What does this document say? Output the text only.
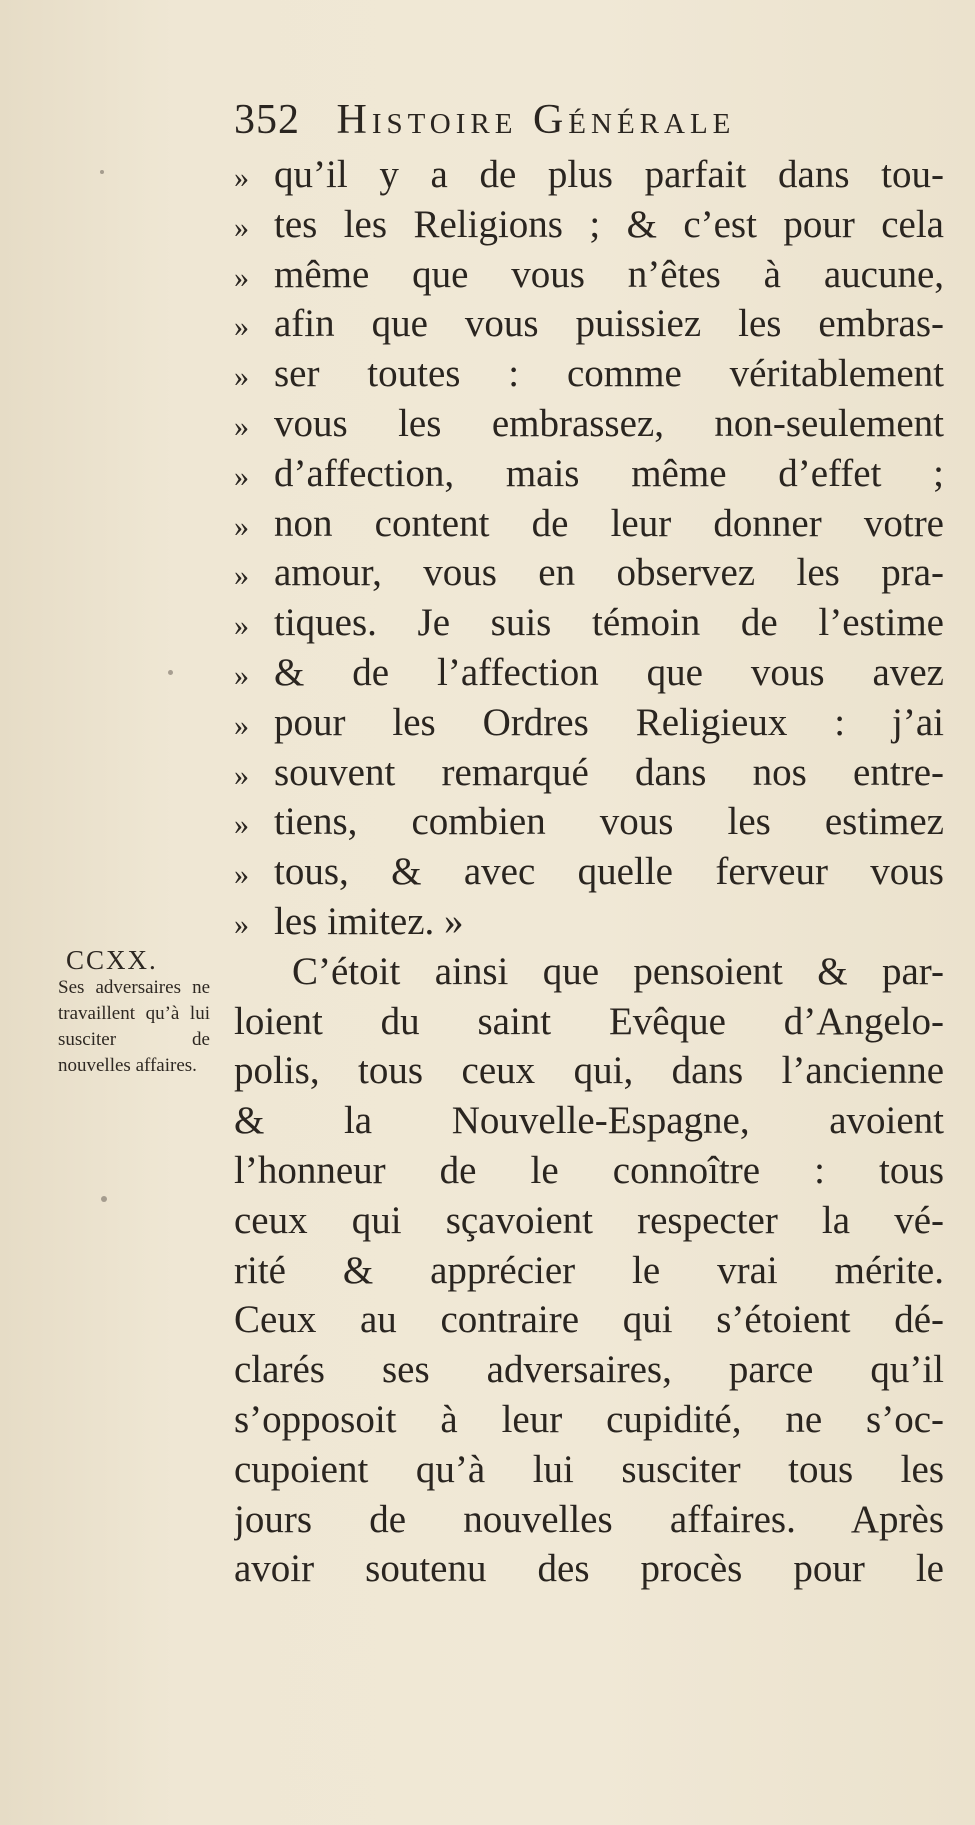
352 Histoire Générale
» qu’il y a de plus parfait dans tou-
» tes les Religions ; & c’est pour cela
» même que vous n’êtes à aucune,
» afin que vous puissiez les embras-
» ser toutes : comme véritablement
» vous les embrassez, non-seulement
» d’affection, mais même d’effet ;
» non content de leur donner votre
» amour, vous en observez les pra-
» tiques. Je suis témoin de l’estime
» & de l’affection que vous avez
» pour les Ordres Religieux : j’ai
» souvent remarqué dans nos entre-
» tiens, combien vous les estimez
» tous, & avec quelle ferveur vous
» les imitez. »
C’étoit ainsi que pensoient & par-
loient du saint Evêque d’Angelo-
polis, tous ceux qui, dans l’ancienne
& la Nouvelle-Espagne, avoient
l’honneur de le connoître : tous
ceux qui sçavoient respecter la vé-
rité & apprécier le vrai mérite.
Ceux au contraire qui s’étoient dé-
clarés ses adversaires, parce qu’il
s’opposoit à leur cupidité, ne s’oc-
cupoient qu’à lui susciter tous les
jours de nouvelles affaires. Après
avoir soutenu des procès pour le
CCXX.
Ses adversaires ne travaillent qu’à lui susciter de nouvelles affaires.
